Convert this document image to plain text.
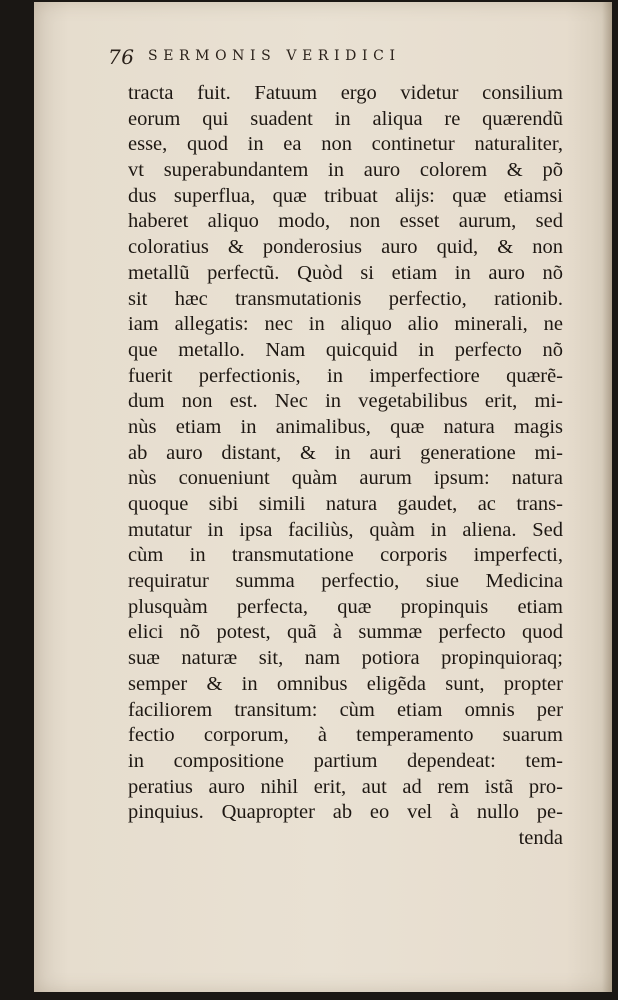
76 SERMONIS VERIDICI
tracta fuit. Fatuum ergo videtur consilium
eorum qui suadent in aliqua re quærendũ
esse, quod in ea non continetur naturaliter,
vt superabundantem in auro colorem & põ
dus superflua, quæ tribuat alijs: quæ etiamsi
haberet aliquo modo, non esset aurum, sed
coloratius & ponderosius auro quid, & non
metallũ perfectũ. Quòd si etiam in auro nõ
sit hæc transmutationis perfectio, rationib.
iam allegatis: nec in aliquo alio minerali, ne
que metallo. Nam quicquid in perfecto nõ
fuerit perfectionis, in imperfectiore quærẽ-
dum non est. Nec in vegetabilibus erit, mi-
nùs etiam in animalibus, quæ natura magis
ab auro distant, & in auri generatione mi-
nùs conueniunt quàm aurum ipsum: natura
quoque sibi simili natura gaudet, ac trans-
mutatur in ipsa faciliùs, quàm in aliena. Sed
cùm in transmutatione corporis imperfecti,
requiratur summa perfectio, siue Medicina
plusquàm perfecta, quæ propinquis etiam
elici nõ potest, quã à summæ perfecto quod
suæ naturæ sit, nam potiora propinquioraq;
semper & in omnibus eligẽda sunt, propter
faciliorem transitum: cùm etiam omnis per
fectio corporum, à temperamento suarum
in compositione partium dependeat: tem-
peratius auro nihil erit, aut ad rem istã pro-
pinquius. Quapropter ab eo vel à nullo pe-
tenda
